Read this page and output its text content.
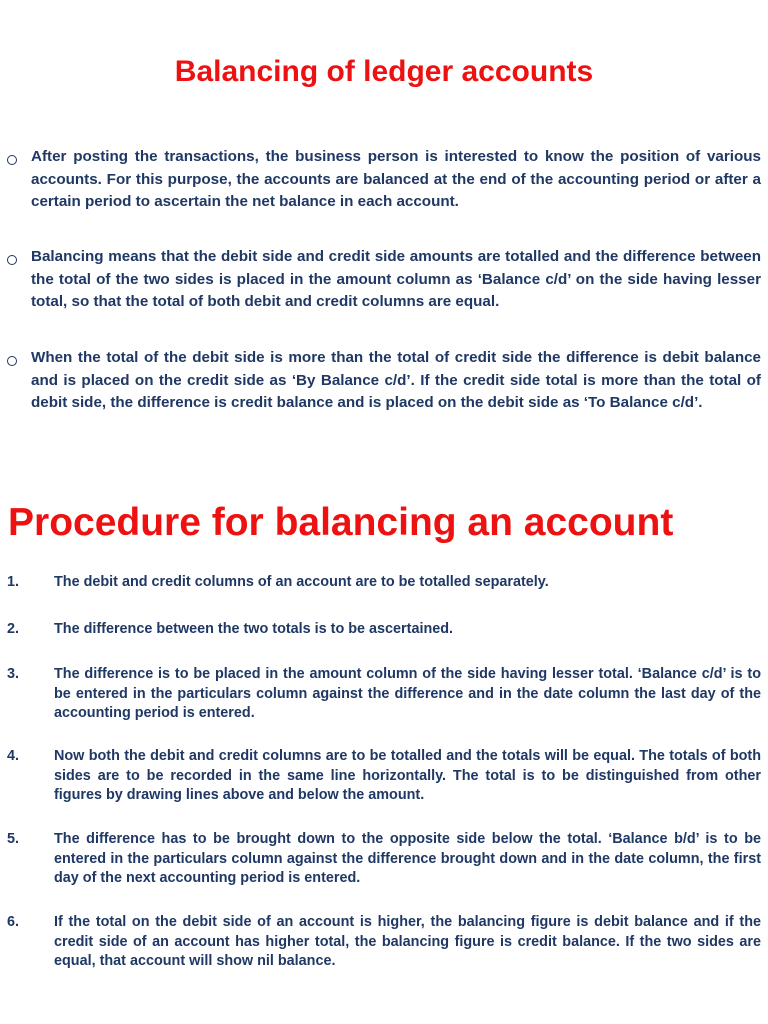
Balancing of ledger accounts

After posting the transactions, the business person is interested to know the position of various accounts. For this purpose, the accounts are balanced at the end of the accounting period or after a certain period to ascertain the net balance in each account.

Balancing means that the debit side and credit side amounts are totalled and the difference between the total of the two sides is placed in the amount column as ‘Balance c/d’ on the side having lesser total, so that the total of both debit and credit columns are equal.

When the total of the debit side is more than the total of credit side the difference is debit balance and is placed on the credit side as ‘By Balance c/d’. If the credit side total is more than the total of debit side, the difference is credit balance and is placed on the debit side as ‘To Balance c/d’.

Procedure for balancing an account
1. The debit and credit columns of an account are to be totalled separately.

2. The difference between the two totals is to be ascertained.

3. The difference is to be placed in the amount column of the side having lesser total. ‘Balance c/d’ is to be entered in the particulars column against the difference and in the date column the last day of the accounting period is entered.

4. Now both the debit and credit columns are to be totalled and the totals will be equal. The totals of both sides are to be recorded in the same line horizontally. The total is to be distinguished from other figures by drawing lines above and below the amount.

5. The difference has to be brought down to the opposite side below the total. ‘Balance b/d’ is to be entered in the particulars column against the difference brought down and in the date column, the first day of the next accounting period is entered.

6. If the total on the debit side of an account is higher, the balancing figure is debit balance and if the credit side of an account has higher total, the balancing figure is credit balance. If the two sides are equal, that account will show nil balance.
